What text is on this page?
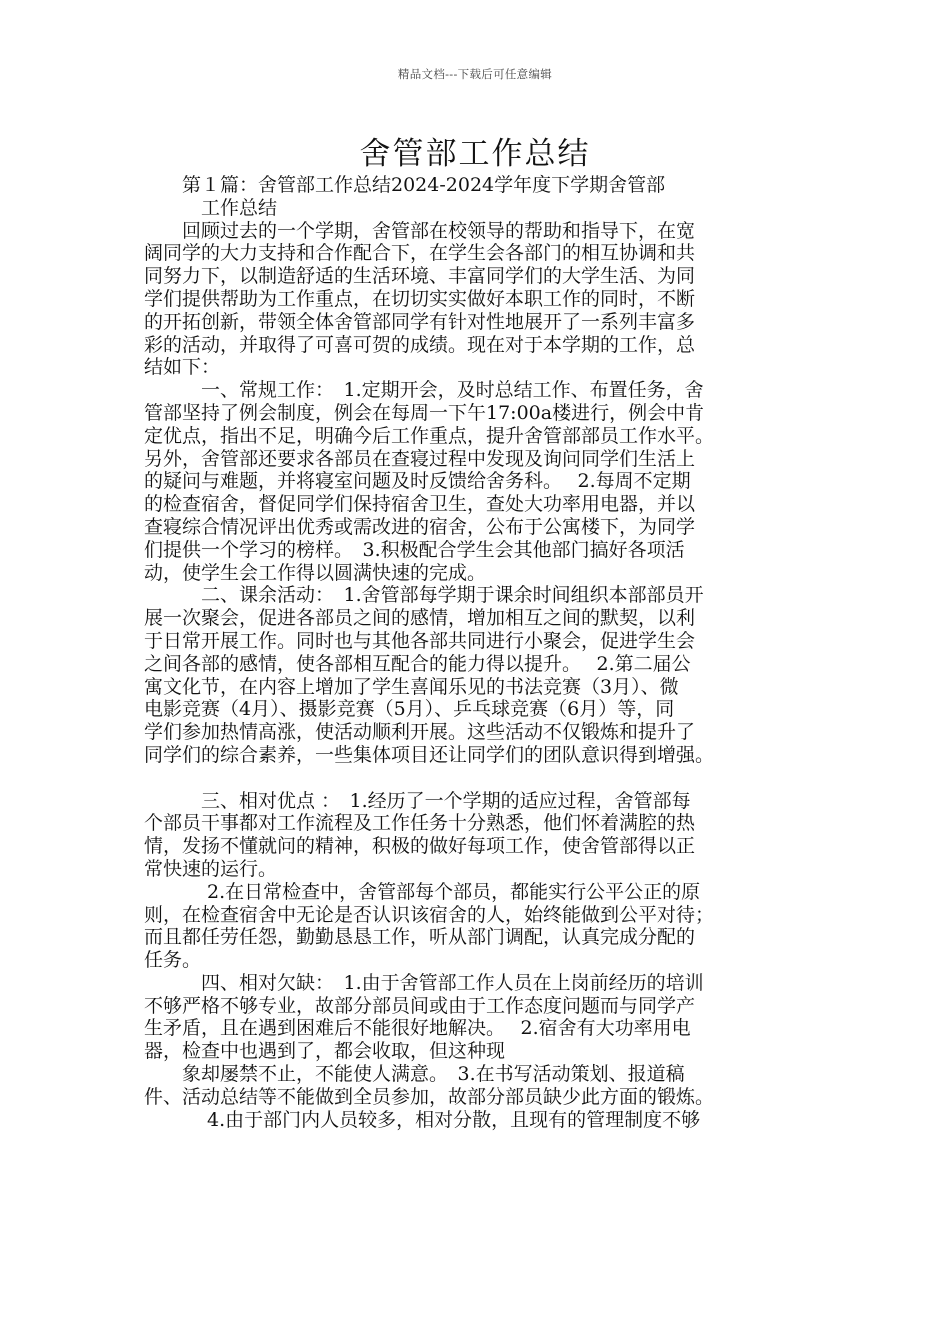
精品文档---下载后可任意编辑
舍管部工作总结
　　第１篇：舍管部工作总结2024-2024学年度下学期舍管部
　　　工作总结
　　回顾过去的一个学期，舍管部在校领导的帮助和指导下，在宽
阔同学的大力支持和合作配合下，在学生会各部门的相互协调和共
同努力下，以制造舒适的生活环境、丰富同学们的大学生活、为同
学们提供帮助为工作重点，在切切实实做好本职工作的同时，不断
的开拓创新，带领全体舍管部同学有针对性地展开了一系列丰富多
彩的活动，并取得了可喜可贺的成绩。现在对于本学期的工作，总
结如下：
　　　一、常规工作：　1.定期开会，及时总结工作、布置任务，舍
管部坚持了例会制度，例会在每周一下午17:00a楼进行，例会中肯
定优点，指出不足，明确今后工作重点，提升舍管部部员工作水平。
另外，舍管部还要求各部员在查寝过程中发现及询问同学们生活上
的疑问与难题，并将寝室问题及时反馈给舍务科。　 2.每周不定期
的检查宿舍，督促同学们保持宿舍卫生，查处大功率用电器，并以
查寝综合情况评出优秀或需改进的宿舍，公布于公寓楼下，为同学
们提供一个学习的榜样。　3.积极配合学生会其他部门搞好各项活
动，使学生会工作得以圆满快速的完成。
　　　二、课余活动：　1.舍管部每学期于课余时间组织本部部员开
展一次聚会，促进各部员之间的感情，增加相互之间的默契，以利
于日常开展工作。同时也与其他各部共同进行小聚会，促进学生会
之间各部的感情，使各部相互配合的能力得以提升。　 2.第二届公
寓文化节，在内容上增加了学生喜闻乐见的书法竞赛（3月）、微
电影竞赛（4月）、摄影竞赛（5月）、乒乓球竞赛（6月）等，同
学们参加热情高涨，使活动顺利开展。这些活动不仅锻炼和提升了
同学们的综合素养，一些集体项目还让同学们的团队意识得到增强。
　　　三、相对优点 ：　1.经历了一个学期的适应过程，舍管部每
个部员干事都对工作流程及工作任务十分熟悉，他们怀着满腔的热
情，发扬不懂就问的精神，积极的做好每项工作，使舍管部得以正
常快速的运行。
　　　 2.在日常检查中，舍管部每个部员，都能实行公平公正的原
则，在检查宿舍中无论是否认识该宿舍的人，始终能做到公平对待；
而且都任劳任怨，勤勤恳恳工作，听从部门调配，认真完成分配的
任务。
　　　四、相对欠缺：　1.由于舍管部工作人员在上岗前经历的培训
不够严格不够专业，故部分部员间或由于工作态度问题而与同学产
生矛盾，且在遇到困难后不能很好地解决。　 2.宿舍有大功率用电
器，检查中也遇到了，都会收取，但这种现
　　象却屡禁不止，不能使人满意。　3.在书写活动策划、报道稿
件、活动总结等不能做到全员参加，故部分部员缺少此方面的锻炼。
　　　 4.由于部门内人员较多，相对分散，且现有的管理制度不够
